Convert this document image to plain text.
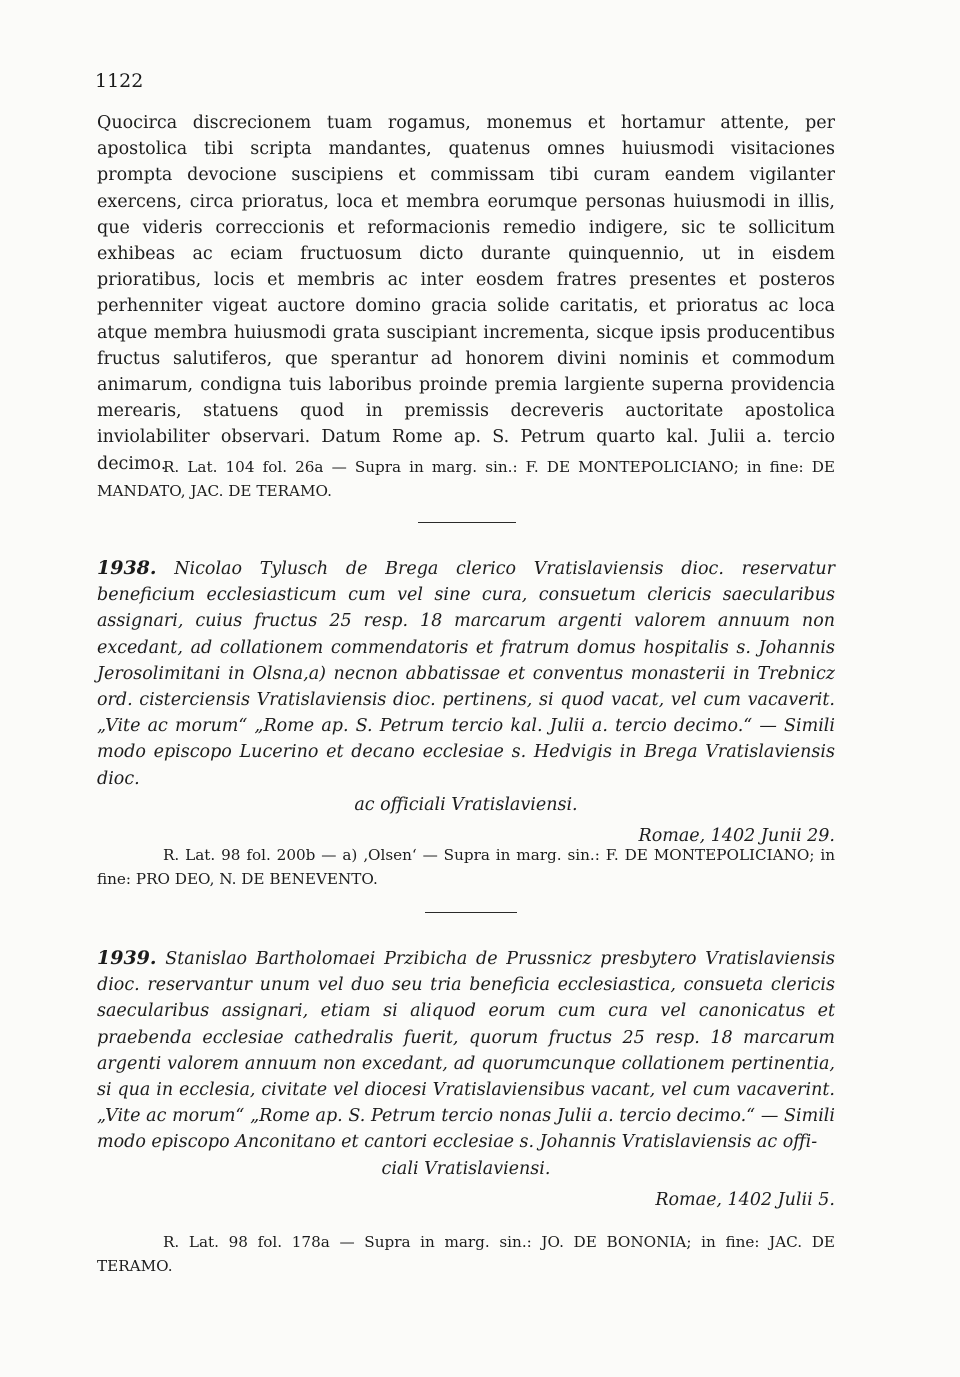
1122

Quocirca discrecionem tuam rogamus, monemus et hortamur attente, per apostolica tibi scripta mandantes, quatenus omnes huiusmodi visitaciones prompta devocione suscipiens et commissam tibi curam eandem vigilanter exercens, circa prioratus, loca et membra eorumque personas huiusmodi in illis, que videris correccionis et reformacionis remedio indigere, sic te sollicitum exhibeas ac eciam fructuosum dicto durante quinquennio, ut in eisdem prioratibus, locis et membris ac inter eosdem fratres presentes et posteros perhenniter vigeat auctore domino gracia solide caritatis, et prioratus ac loca atque membra huiusmodi grata suscipiant incrementa, sicque ipsis producentibus fructus salutiferos, que sperantur ad honorem divini nominis et commodum animarum, condigna tuis laboribus proinde premia largiente superna providencia merearis, statuens quod in premissis decreveris auctoritate apostolica inviolabiliter observari. Datum Rome ap. S. Petrum quarto kal. Julii a. tercio decimo.

R. Lat. 104 fol. 26a — Supra in marg. sin.: F. DE MONTEPOLICIANO; in fine: DE MANDATO, JAC. DE TERAMO.

1938. Nicolao Tylusch de Brega clerico Vratislaviensis dioc. reservatur beneficium ecclesiasticum cum vel sine cura, consuetum clericis saecularibus assignari, cuius fructus 25 resp. 18 marcarum argenti valorem annuum non excedant, ad collationem commendatoris et fratrum domus hospitalis s. Johannis Jerosolimitani in Olsna,a) necnon abbatissae et conventus monasterii in Trebnicz ord. cisterciensis Vratislaviensis dioc. pertinens, si quod vacat, vel cum vacaverit. „Vite ac morum“ „Rome ap. S. Petrum tercio kal. Julii a. tercio decimo.“ — Simili modo episcopo Lucerino et decano ecclesiae s. Hedvigis in Brega Vratislaviensis dioc.

ac officiali Vratislaviensi.

Romae, 1402 Junii 29.

R. Lat. 98 fol. 200b — a) ‚Olsen‘ — Supra in marg. sin.: F. DE MONTEPOLICIANO; in fine: PRO DEO, N. DE BENEVENTO.

1939. Stanislao Bartholomaei Przibicha de Prussnicz presbytero Vratislaviensis dioc. reservantur unum vel duo seu tria beneficia ecclesiastica, consueta clericis saecularibus assignari, etiam si aliquod eorum cum cura vel canonicatus et praebenda ecclesiae cathedralis fuerit, quorum fructus 25 resp. 18 marcarum argenti valorem annuum non excedant, ad quorumcunque collationem pertinentia, si qua in ecclesia, civitate vel diocesi Vratislaviensibus vacant, vel cum vacaverint. „Vite ac morum“ „Rome ap. S. Petrum tercio nonas Julii a. tercio decimo.“ — Simili modo episcopo Anconitano et cantori ecclesiae s. Johannis Vratislaviensis ac offi-

ciali Vratislaviensi.

Romae, 1402 Julii 5.

R. Lat. 98 fol. 178a — Supra in marg. sin.: JO. DE BONONIA; in fine: JAC. DE TERAMO.
